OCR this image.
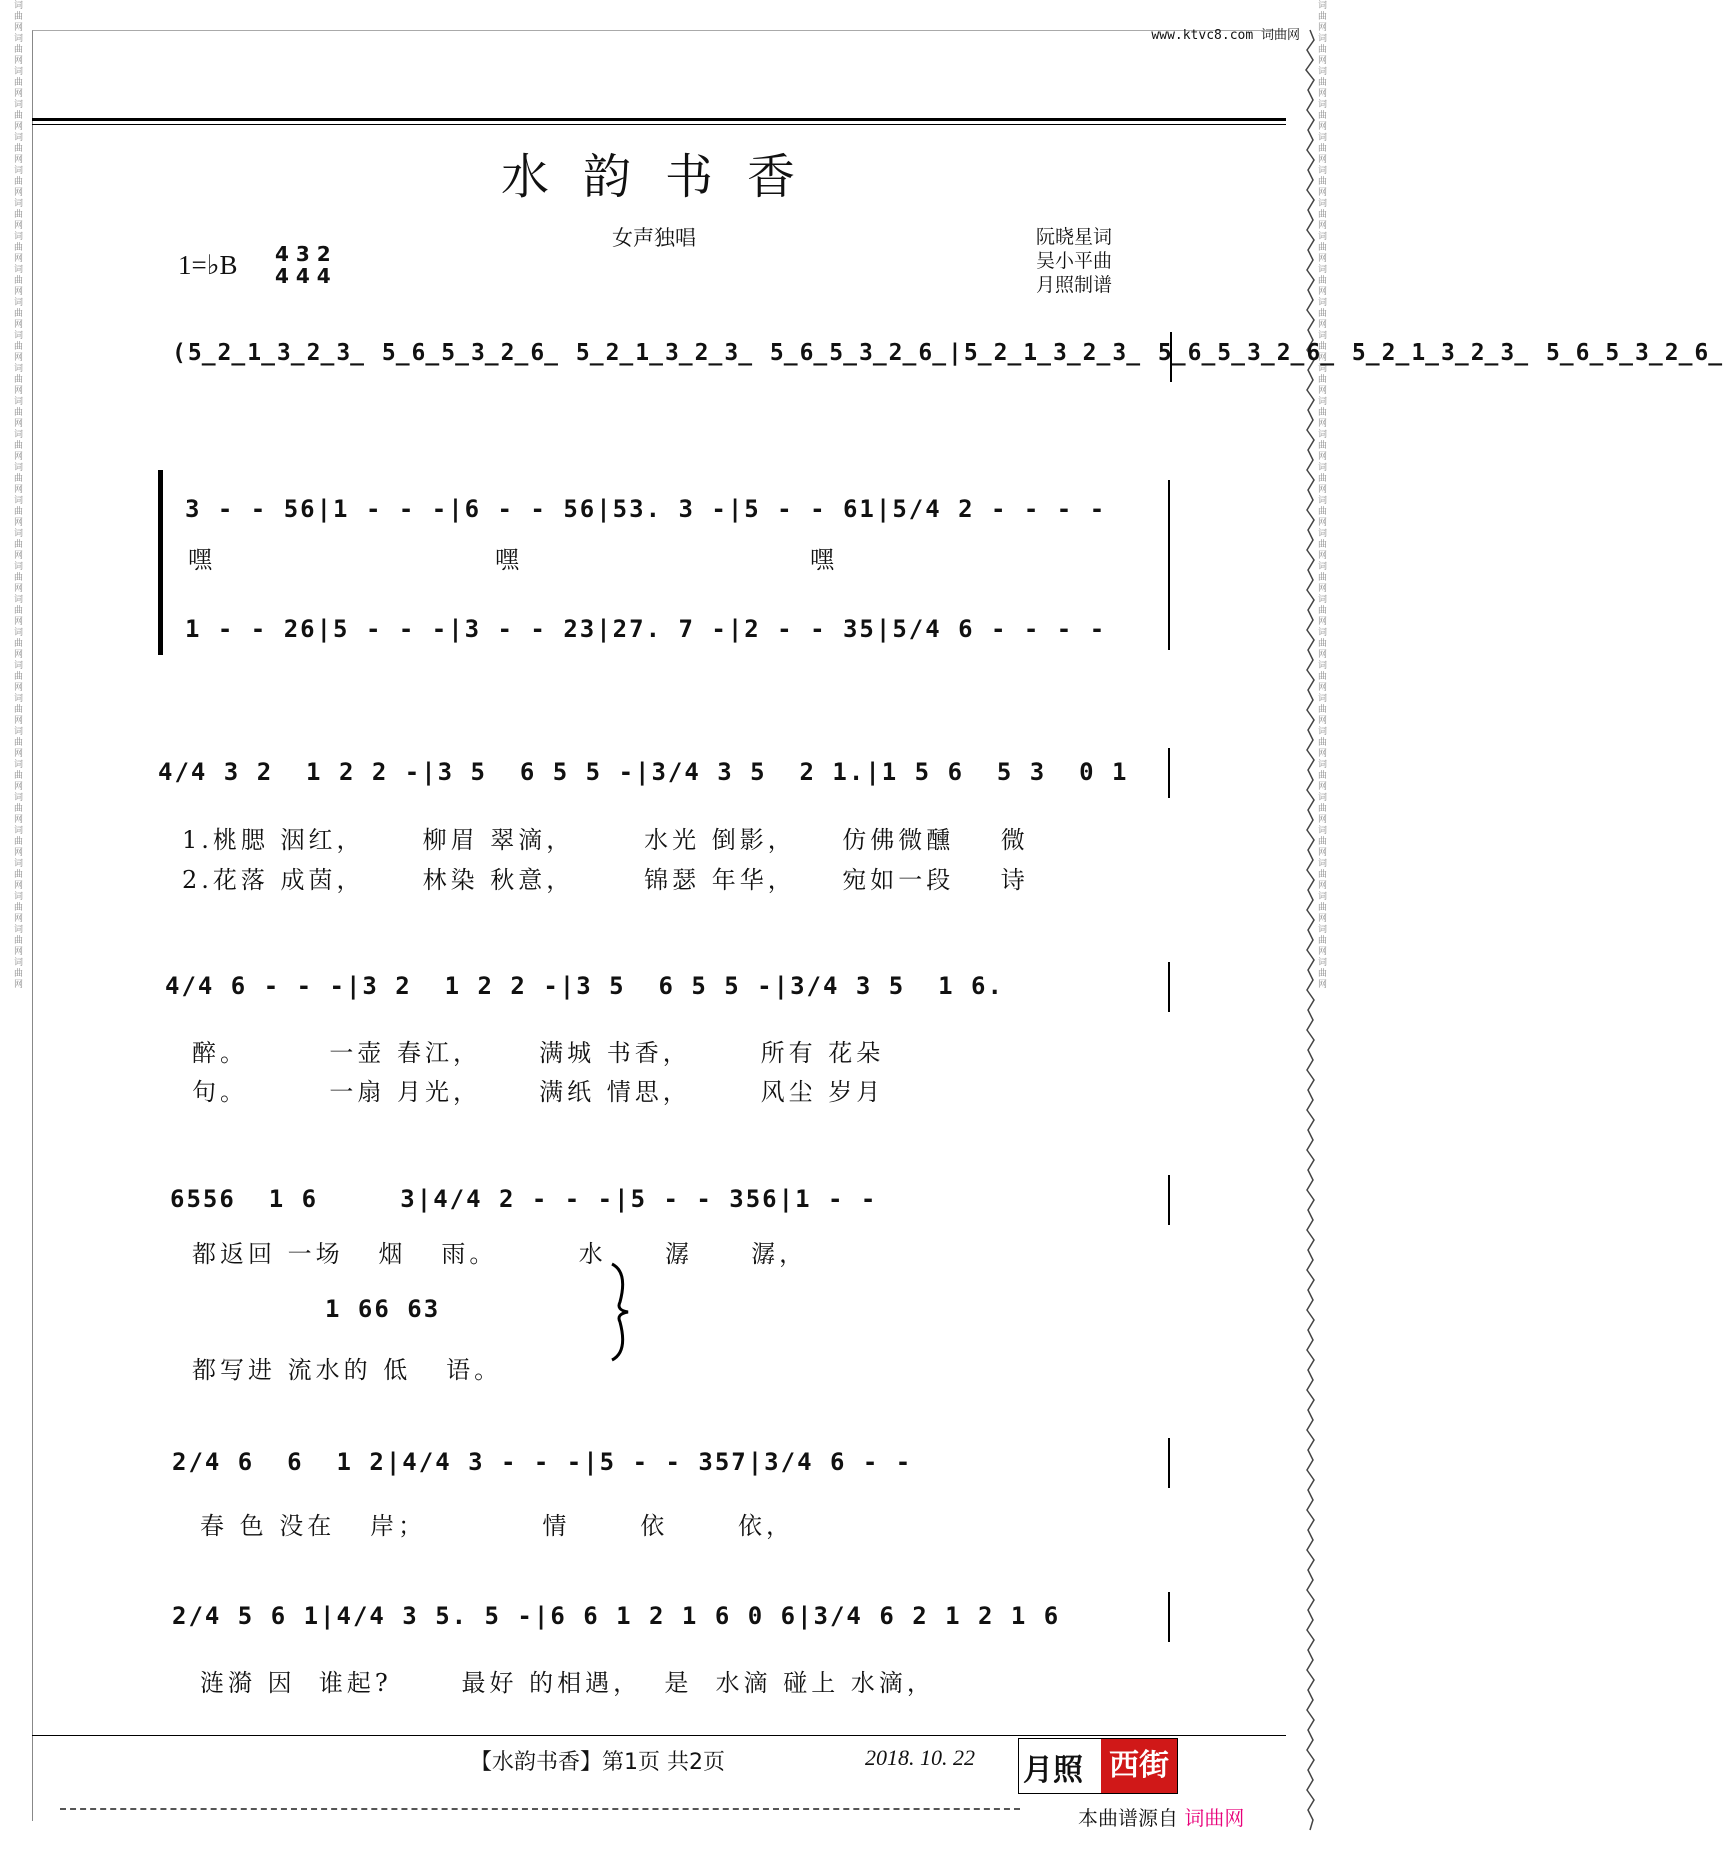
词曲网词曲网词曲网词曲网词曲网词曲网词曲网词曲网词曲网词曲网词曲网词曲网词曲网词曲网词曲网词曲网词曲网词曲网词曲网词曲网词曲网词曲网词曲网词曲网词曲网词曲网词曲网词曲网词曲网词曲网	词曲网词曲网词曲网词曲网词曲网词曲网词曲网词曲网词曲网词曲网词曲网词曲网词曲网词曲网词曲网词曲网词曲网词曲网词曲网词曲网词曲网词曲网词曲网词曲网词曲网词曲网词曲网词曲网词曲网词曲网
www.ktvc8.com 词曲网
水韵书香
女声独唱	阮晓星词
吴小平曲
月照制谱
1=♭B 4 3 2
4 4 4
(5̲2̲1̲3̲2̲3̲ 5̲6̲5̲3̲2̲6̲ 5̲2̲1̲3̲2̲3̲ 5̲6̲5̲3̲2̲6̲|5̲2̲1̲3̲2̲3̲ 5̲6̲5̲3̲2̲6̲ 5̲2̲1̲3̲2̲3̲ 5̲6̲5̲3̲2̲6̲
3 - - 56|1 - - -|6 - - 56|53. 3 -|5 - - 61|5/4 2 - - - -
嘿	嘿	嘿
1 - - 26|5 - - -|3 - - 23|27. 7 -|2 - - 35|5/4 6 - - - -
4/4 3 2  1 2 2 -|3 5  6 5 5 -|3/4 3 5  2 1.|1 5 6  5 3  0 1
1.桃腮 洇红，     柳眉 翠滴，      水光 倒影，    仿佛微醺    微
2.花落 成茵，     林染 秋意，      锦瑟 年华，    宛如一段    诗
4/4 6 - - -|3 2  1 2 2 -|3 5  6 5 5 -|3/4 3 5  1 6.
醉。       一壶 春江，     满城 书香，      所有 花朵
句。       一扇 月光，     满纸 情思，      风尘 岁月
6556  1 6     3|4/4 2 - - -|5 - - 356|1 - -
都返回 一场   烟   雨。       水     潺     潺，
1 66 63
都写进 流水的 低   语。
2/4 6  6  1 2|4/4 3 - - -|5 - - 357|3/4 6 - -
春 色 没在   岸；          情      依      依，
2/4 5 6 1|4/4 3 5. 5 -|6 6 1 2 1 6 0 6|3/4 6 2 1 2 1 6
涟漪 因  谁起?      最好 的相遇，  是  水滴 碰上 水滴，
【水韵书香】第1页 共2页	2018. 10. 22 月照 西街
本曲谱源自 词曲网
